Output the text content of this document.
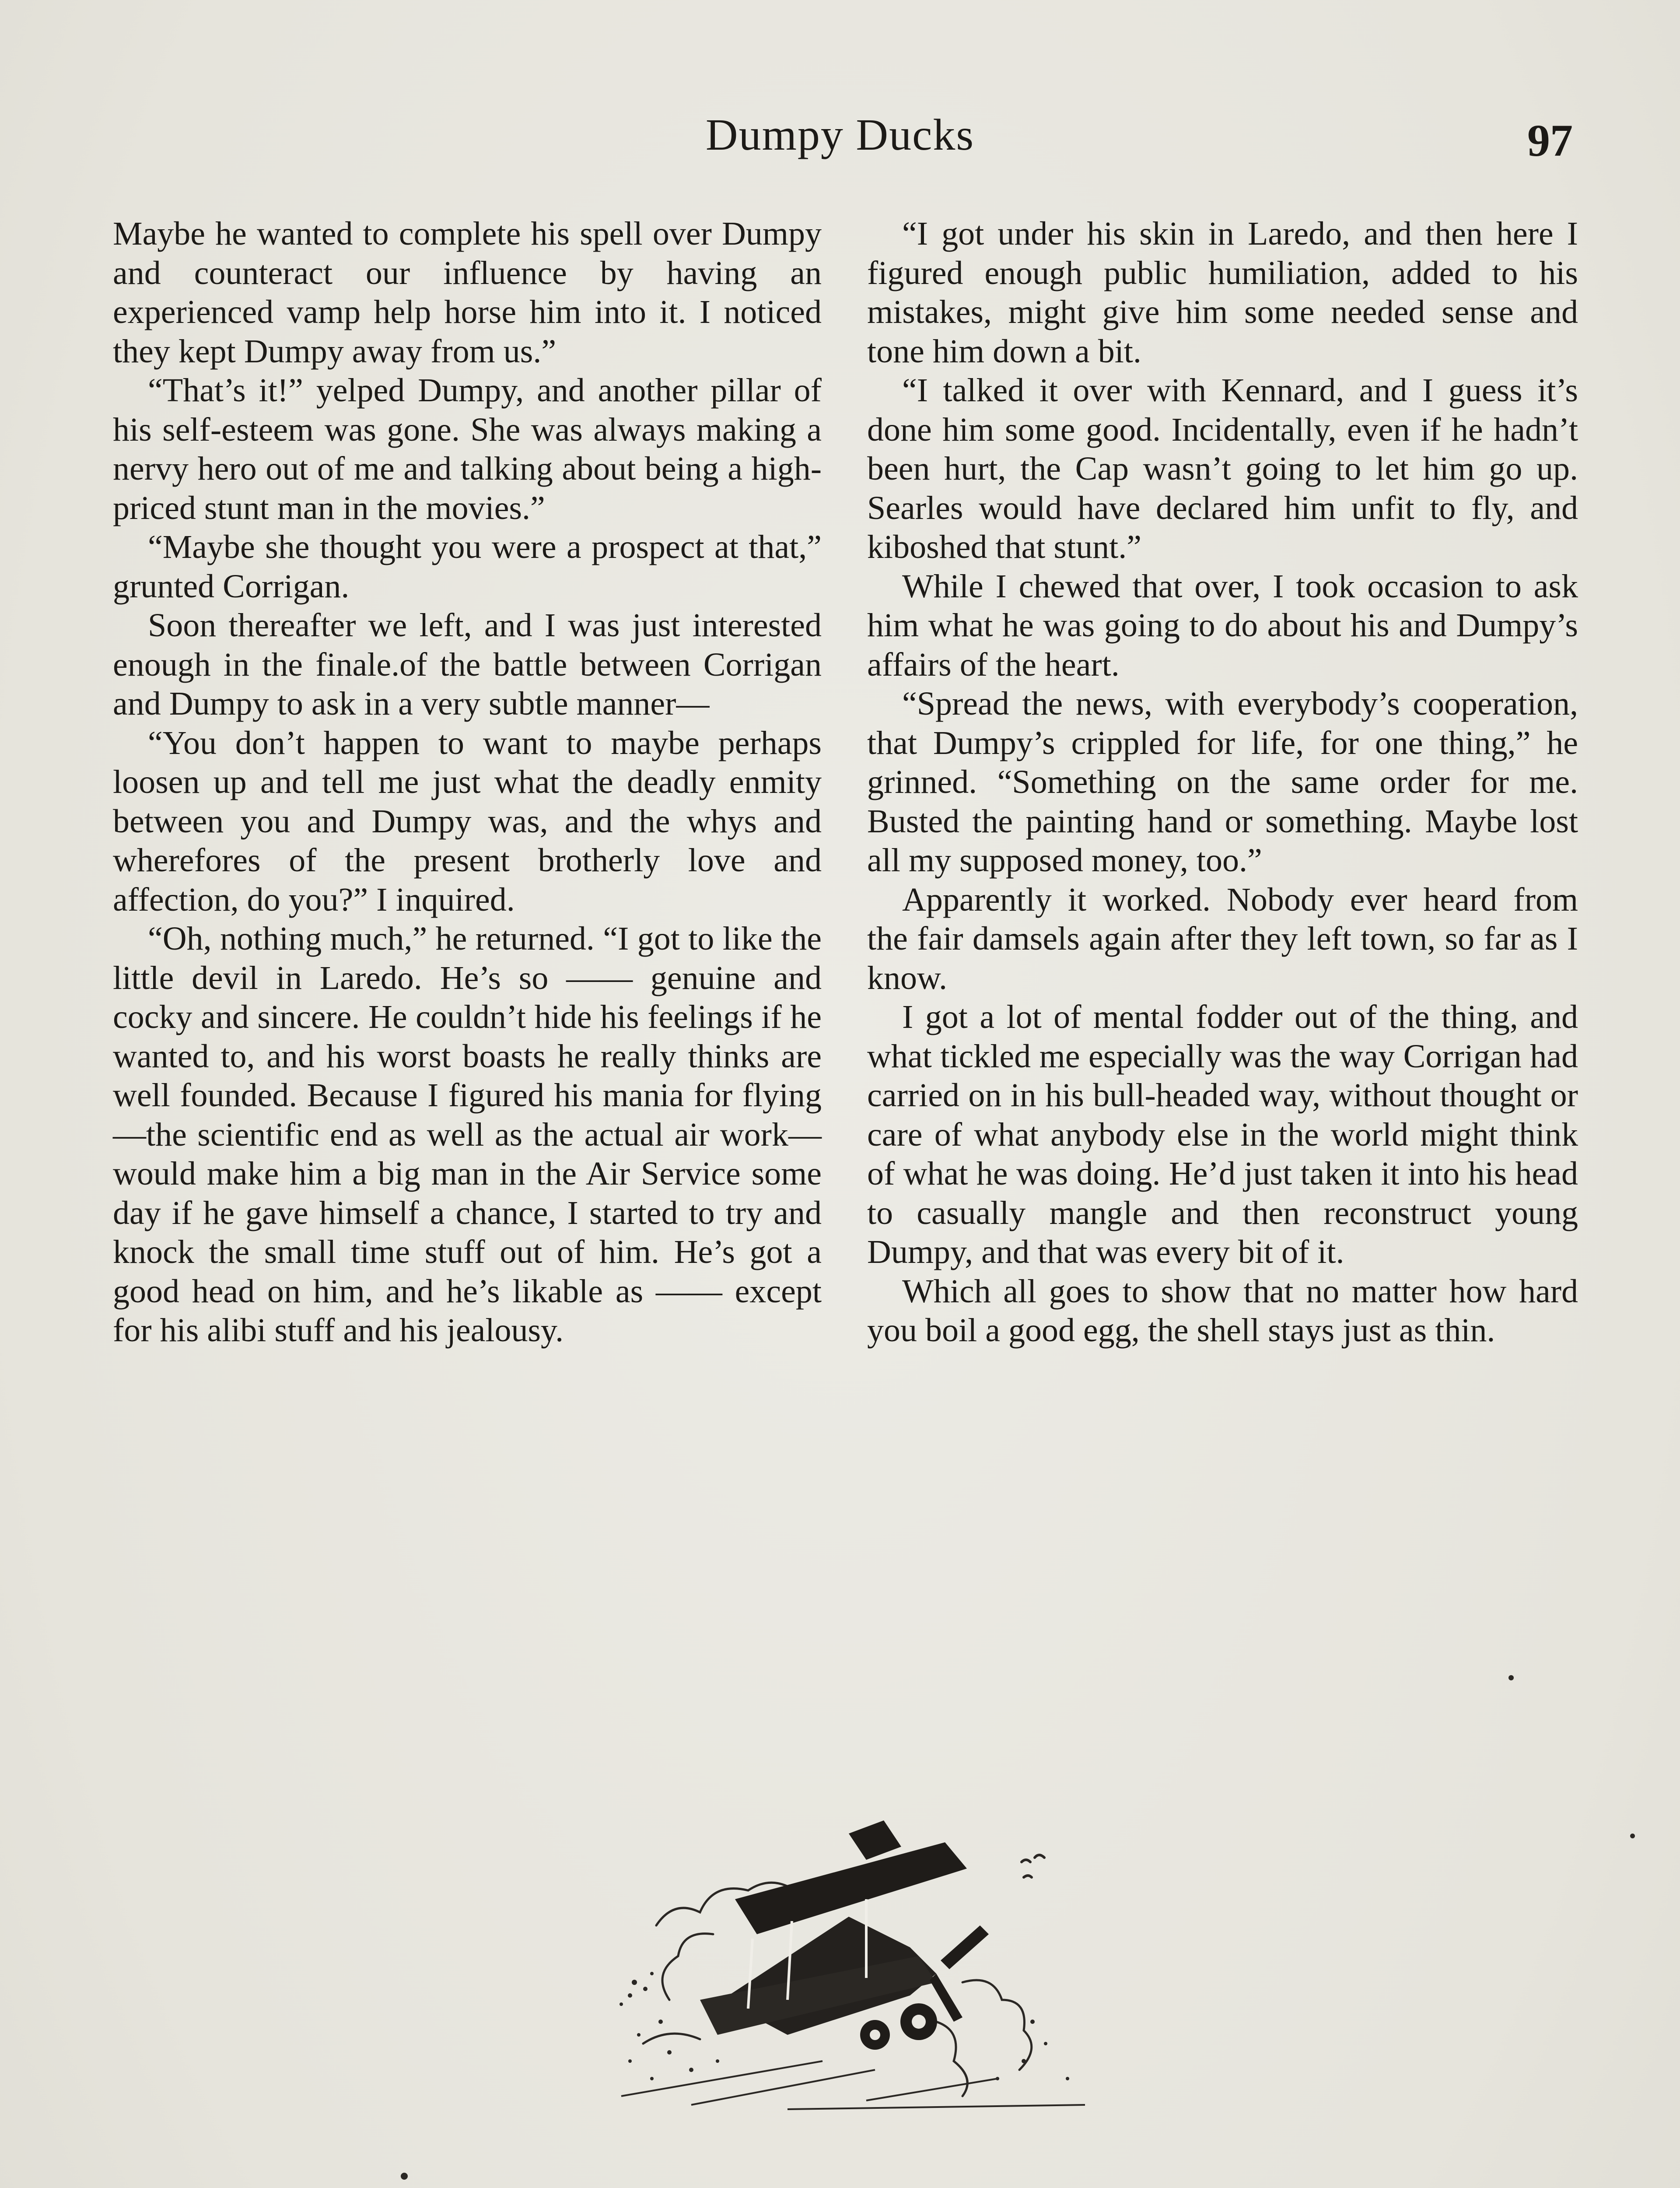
Dumpy Ducks	97

Maybe he wanted to complete his spell over Dumpy and counteract our influence by having an experienced vamp help horse him into it. I noticed they kept Dumpy away from us.”

“That’s it!” yelped Dumpy, and another pillar of his self-esteem was gone. She was always making a nervy hero out of me and talking about being a high-priced stunt man in the movies.”

“Maybe she thought you were a prospect at that,” grunted Corrigan.

Soon thereafter we left, and I was just interested enough in the finale.of the battle between Corrigan and Dumpy to ask in a very subtle manner—

“You don’t happen to want to maybe perhaps loosen up and tell me just what the deadly enmity between you and Dumpy was, and the whys and wherefores of the present brotherly love and affection, do you?” I inquired.

“Oh, nothing much,” he returned. “I got to like the little devil in Laredo. He’s so —— genuine and cocky and sincere. He couldn’t hide his feelings if he wanted to, and his worst boasts he really thinks are well founded. Because I figured his mania for flying—the scientific end as well as the actual air work—would make him a big man in the Air Service some day if he gave himself a chance, I started to try and knock the small time stuff out of him. He’s got a good head on him, and he’s likable as —— except for his alibi stuff and his jealousy.

“I got under his skin in Laredo, and then here I figured enough public humiliation, added to his mistakes, might give him some needed sense and tone him down a bit.

“I talked it over with Kennard, and I guess it’s done him some good. Incidentally, even if he hadn’t been hurt, the Cap wasn’t going to let him go up. Searles would have declared him unfit to fly, and kiboshed that stunt.”

While I chewed that over, I took occasion to ask him what he was going to do about his and Dumpy’s affairs of the heart.

“Spread the news, with everybody’s cooperation, that Dumpy’s crippled for life, for one thing,” he grinned. “Something on the same order for me. Busted the painting hand or something. Maybe lost all my supposed money, too.”

Apparently it worked. Nobody ever heard from the fair damsels again after they left town, so far as I know.

I got a lot of mental fodder out of the thing, and what tickled me especially was the way Corrigan had carried on in his bull-headed way, without thought or care of what anybody else in the world might think of what he was doing. He’d just taken it into his head to casually mangle and then reconstruct young Dumpy, and that was every bit of it.

Which all goes to show that no matter how hard you boil a good egg, the shell stays just as thin.
